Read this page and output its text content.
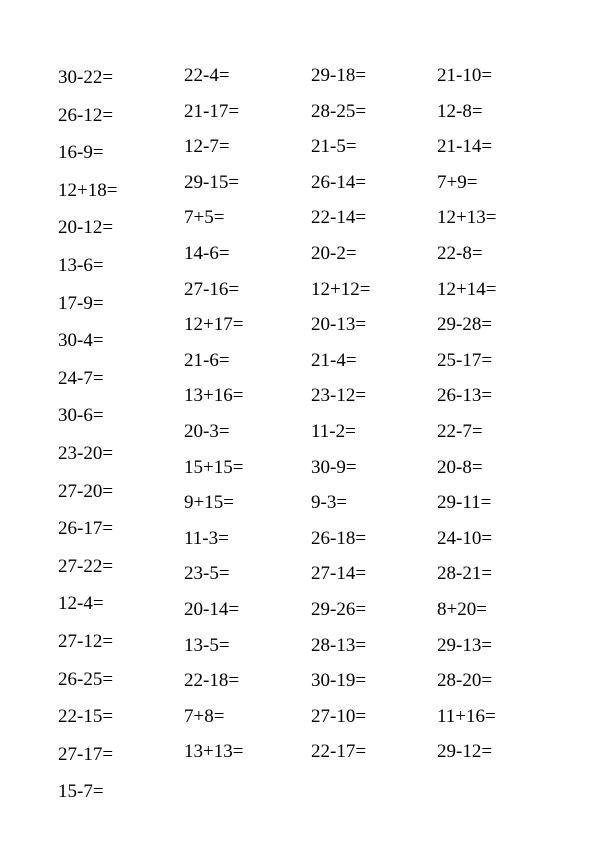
30-22=
26-12=
16-9=
12+18=
20-12=
13-6=
17-9=
30-4=
24-7=
30-6=
23-20=
27-20=
26-17=
27-22=
12-4=
27-12=
26-25=
22-15=
27-17=
15-7=
22-4=
21-17=
12-7=
29-15=
7+5=
14-6=
27-16=
12+17=
21-6=
13+16=
20-3=
15+15=
9+15=
11-3=
23-5=
20-14=
13-5=
22-18=
7+8=
13+13=
29-18=
28-25=
21-5=
26-14=
22-14=
20-2=
12+12=
20-13=
21-4=
23-12=
11-2=
30-9=
9-3=
26-18=
27-14=
29-26=
28-13=
30-19=
27-10=
22-17=
21-10=
12-8=
21-14=
7+9=
12+13=
22-8=
12+14=
29-28=
25-17=
26-13=
22-7=
20-8=
29-11=
24-10=
28-21=
8+20=
29-13=
28-20=
11+16=
29-12=
